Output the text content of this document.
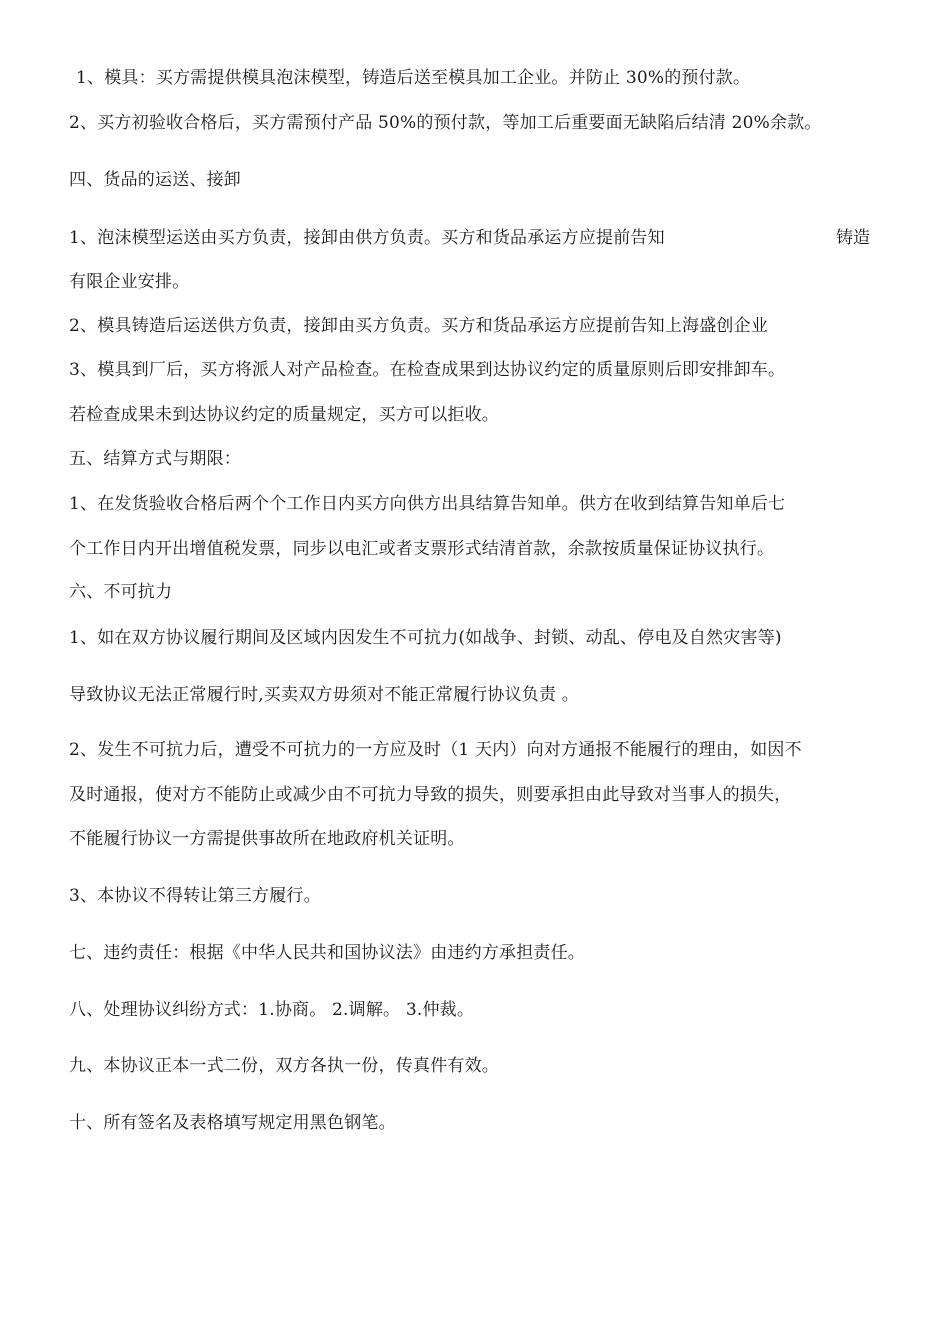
1、模具：买方需提供模具泡沫模型，铸造后送至模具加工企业。并防止 30%的预付款。
2、买方初验收合格后，买方需预付产品 50%的预付款，等加工后重要面无缺陷后结清 20%余款。
四、货品的运送、接卸
1、泡沫模型运送由买方负责，接卸由供方负责。买方和货品承运方应提前告知	铸造
有限企业安排。
2、模具铸造后运送供方负责，接卸由买方负责。买方和货品承运方应提前告知上海盛创企业
3、模具到厂后，买方将派人对产品检查。在检查成果到达协议约定的质量原则后即安排卸车。
若检查成果未到达协议约定的质量规定，买方可以拒收。
五、结算方式与期限：
1、在发货验收合格后两个个工作日内买方向供方出具结算告知单。供方在收到结算告知单后七
个工作日内开出增值税发票，同步以电汇或者支票形式结清首款，余款按质量保证协议执行。
六、不可抗力
1、如在双方协议履行期间及区域内因发生不可抗力(如战争、封锁、动乱、停电及自然灾害等)
导致协议无法正常履行时,买卖双方毋须对不能正常履行协议负责 。
2、发生不可抗力后，遭受不可抗力的一方应及时（1 天内）向对方通报不能履行的理由，如因不
及时通报，使对方不能防止或减少由不可抗力导致的损失，则要承担由此导致对当事人的损失，
不能履行协议一方需提供事故所在地政府机关证明。
3、本协议不得转让第三方履行。
七、违约责任：根据《中华人民共和国协议法》由违约方承担责任。
八、处理协议纠纷方式：1.协商。 2.调解。 3.仲裁。
九、本协议正本一式二份，双方各执一份，传真件有效。
十、所有签名及表格填写规定用黑色钢笔。
